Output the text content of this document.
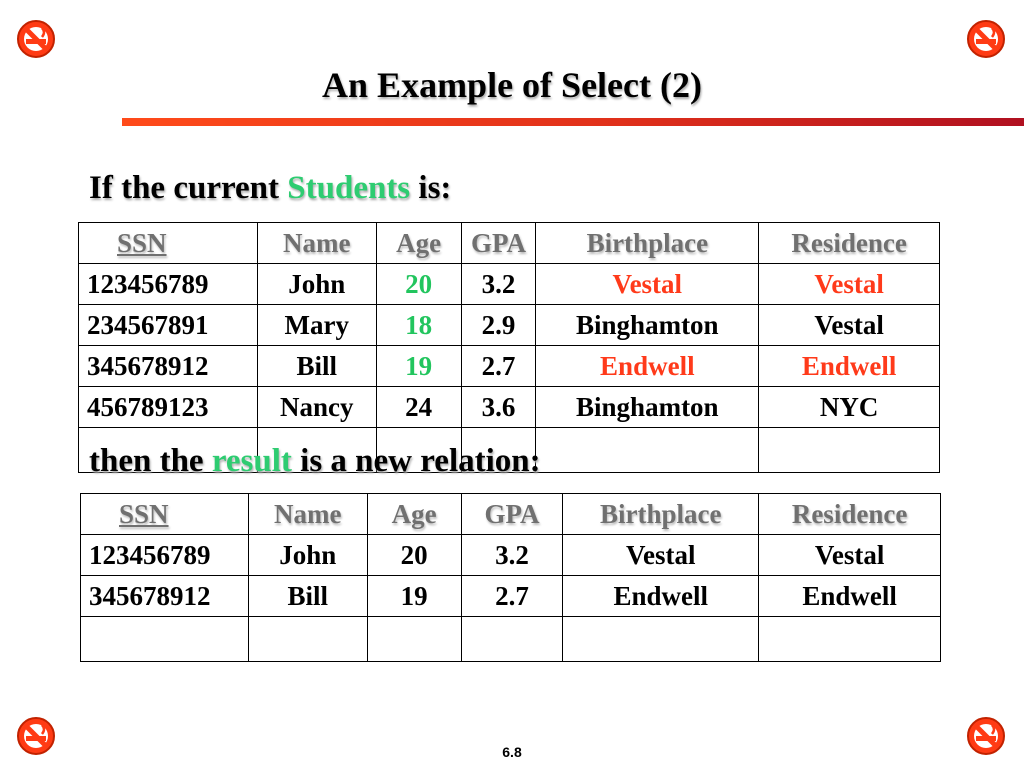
An Example of Select (2)
If the current Students is:
SSN	Name	Age	GPA	Birthplace	Residence
123456789	John	20	3.2	Vestal	Vestal
234567891	Mary	18	2.9	Binghamton	Vestal
345678912	Bill	19	2.7	Endwell	Endwell
456789123	Nancy	24	3.6	Binghamton	NYC

then the result is a new relation:
SSN	Name	Age	GPA	Birthplace	Residence
123456789	John	20	3.2	Vestal	Vestal
345678912	Bill	19	2.7	Endwell	Endwell

6.8
